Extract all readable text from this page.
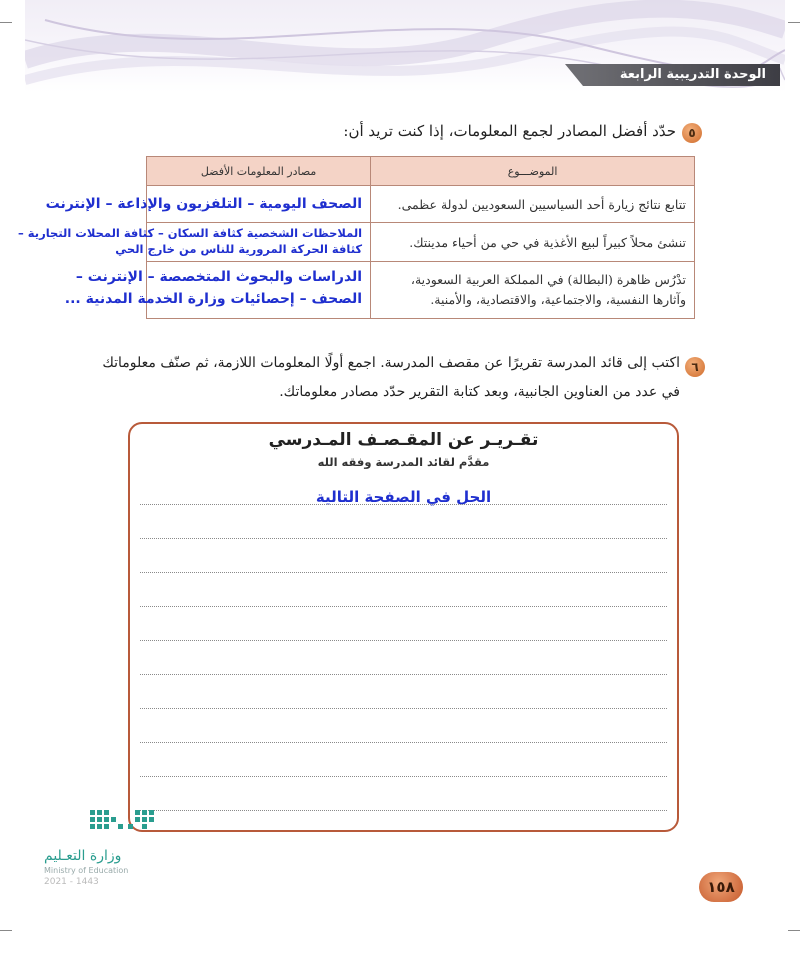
الوحدة التدريبية الرابعة
٥
حدّد أفضل المصادر لجمع المعلومات، إذا كنت تريد أن:
الموضـــوع	مصادر المعلومات الأفضل
تتابع نتائج زيارة أحد السياسيين السعوديين لدولة عظمى.	الصحف اليومية – التلفزيون والإذاعة – الإنترنت

تنشئ محلاً كبيراً لبيع الأغذية في حي من أحياء مدينتك.	الملاحظات الشخصية كثافة السكان – كثافة المحلات التجارية – كثافة الحركة المرورية للناس من خارج الحي

تدْرُس ظاهرة (البطالة) في المملكة العربية السعودية، وآثارها النفسية، والاجتماعية، والاقتصادية، والأمنية.	الدراسات والبحوث المتخصصة – الإنترنت – الصحف – إحصائيات وزارة الخدمة المدنية ...
٦
اكتب إلى قائد المدرسة تقريرًا عن مقصف المدرسة. اجمع أولًا المعلومات اللازمة، ثم صنّف معلوماتك
في عدد من العناوين الجانبية، وبعد كتابة التقرير حدّد مصادر معلوماتك.
تقـريـر عن المقـصـف المـدرسي
مقدَّم لقائد المدرسة وفقه الله
الحل في الصفحة التالية
وزارة التعـليم
Ministry of Education
2021 - 1443	١٥٨
